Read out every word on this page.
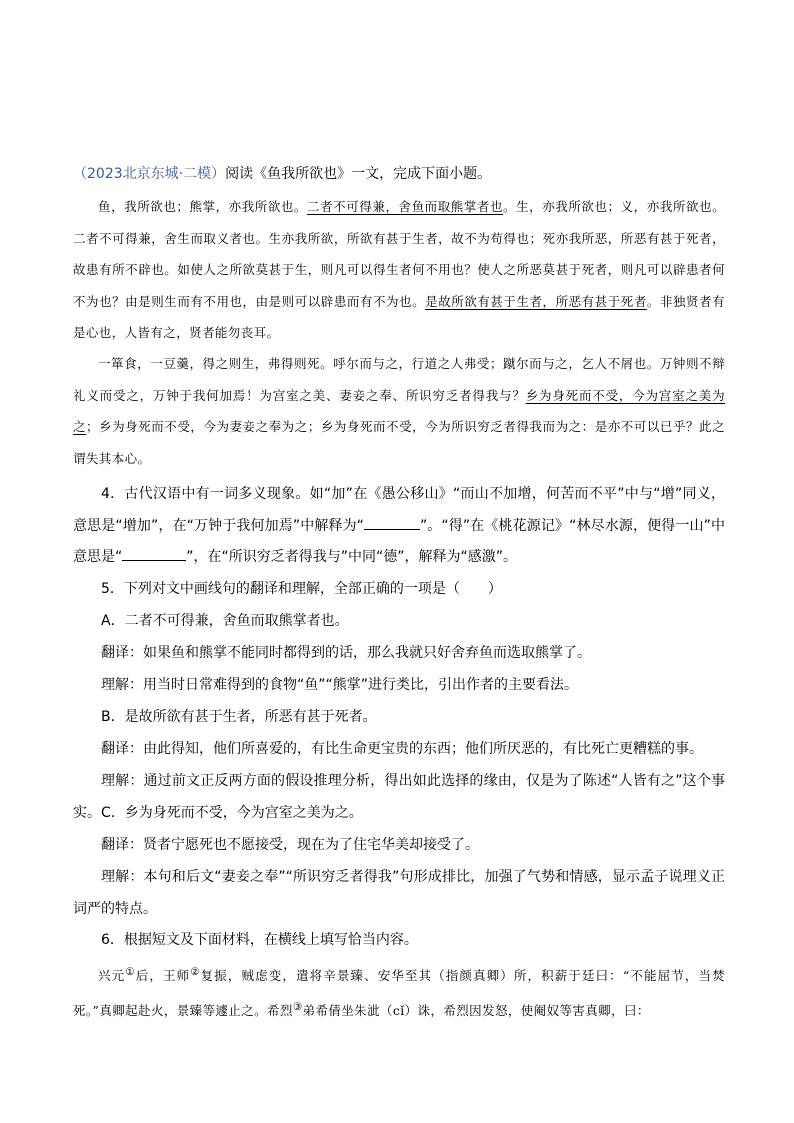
（2023北京东城·二模）阅读《鱼我所欲也》一文，完成下面小题。

鱼，我所欲也；熊掌，亦我所欲也。二者不可得兼，舍鱼而取熊掌者也。生，亦我所欲也；义，亦我所欲也。二者不可得兼，舍生而取义者也。生亦我所欲，所欲有甚于生者，故不为苟得也；死亦我所恶，所恶有甚于死者，故患有所不辟也。如使人之所欲莫甚于生，则凡可以得生者何不用也？使人之所恶莫甚于死者，则凡可以辟患者何不为也？由是则生而有不用也，由是则可以辟患而有不为也。是故所欲有甚于生者，所恶有甚于死者。非独贤者有是心也，人皆有之，贤者能勿丧耳。

一箪食，一豆羹，得之则生，弗得则死。呼尔而与之，行道之人弗受；蹴尔而与之，乞人不屑也。万钟则不辩礼义而受之，万钟于我何加焉！为宫室之美、妻妾之奉、所识穷乏者得我与？乡为身死而不受，今为宫室之美为之；乡为身死而不受，今为妻妾之奉为之；乡为身死而不受，今为所识穷乏者得我而为之：是亦不可以已乎？此之谓失其本心。

4．古代汉语中有一词多义现象。如“加”在《愚公移山》“而山不加增，何苦而不平”中与“增”同义，意思是“增加”，在“万钟于我何加焉”中解释为“	”。“得”在《桃花源记》“林尽水源，便得一山”中意思是“	”，在“所识穷乏者得我与”中同“德”，解释为“感激”。

5．下列对文中画线句的翻译和理解，全部正确的一项是（　　）

A．二者不可得兼，舍鱼而取熊掌者也。

翻译：如果鱼和熊掌不能同时都得到的话，那么我就只好舍弃鱼而选取熊掌了。

理解：用当时日常难得到的食物“鱼”“熊掌”进行类比，引出作者的主要看法。

B．是故所欲有甚于生者，所恶有甚于死者。

翻译：由此得知，他们所喜爱的，有比生命更宝贵的东西；他们所厌恶的，有比死亡更糟糕的事。

理解：通过前文正反两方面的假设推理分析，得出如此选择的缘由，仅是为了陈述“人皆有之”这个事实。 C．乡为身死而不受，今为宫室之美为之。

翻译：贤者宁愿死也不愿接受，现在为了住宅华美却接受了。

理解：本句和后文“妻妾之奉”“所识穷乏者得我”句形成排比，加强了气势和情感，显示孟子说理义正词严的特点。

6．根据短文及下面材料，在横线上填写恰当内容。

兴元①后，王师②复振，贼虑变，遣将辛景臻、安华至其（指颜真卿）所，积薪于廷曰：“不能屈节，当焚死。”真卿起赴火，景臻等遽止之。希烈③弟希倩坐朱泚（cǐ）诛，希烈因发怒，使阉奴等害真卿，曰：
